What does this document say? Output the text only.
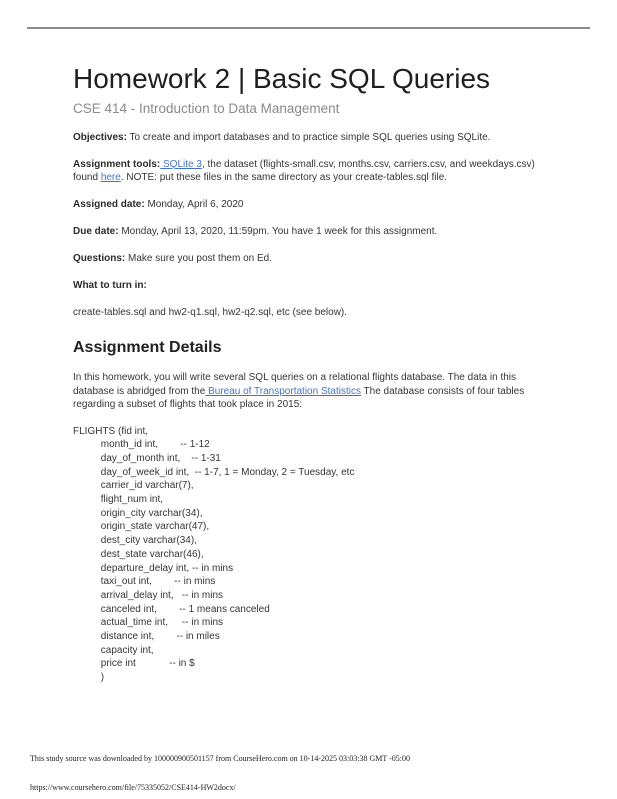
Homework 2 | Basic SQL Queries
CSE 414 - Introduction to Data Management

Objectives: To create and import databases and to practice simple SQL queries using SQLite.

Assignment tools: SQLite 3, the dataset (flights-small.csv, months.csv, carriers.csv, and weekdays.csv) found here. NOTE: put these files in the same directory as your create-tables.sql file.

Assigned date: Monday, April 6, 2020

Due date: Monday, April 13, 2020, 11:59pm. You have 1 week for this assignment.

Questions: Make sure you post them on Ed.

What to turn in:

create-tables.sql and hw2-q1.sql, hw2-q2.sql, etc (see below).

Assignment Details

In this homework, you will write several SQL queries on a relational flights database. The data in this database is abridged from the Bureau of Transportation Statistics The database consists of four tables regarding a subset of flights that took place in 2015:

FLIGHTS (fid int,
month_id int,        -- 1-12
day_of_month int,    -- 1-31
day_of_week_id int,  -- 1-7, 1 = Monday, 2 = Tuesday, etc
carrier_id varchar(7),
flight_num int,
origin_city varchar(34),
origin_state varchar(47),
dest_city varchar(34),
dest_state varchar(46),
departure_delay int, -- in mins
taxi_out int,        -- in mins
arrival_delay int,   -- in mins
canceled int,        -- 1 means canceled
actual_time int,     -- in mins
distance int,        -- in miles
capacity int,
price int            -- in $
)
This study source was downloaded by 100000900501157 from CourseHero.com on 10-14-2025 03:03:38 GMT -05:00
https://www.coursehero.com/file/75335052/CSE414-HW2docx/
